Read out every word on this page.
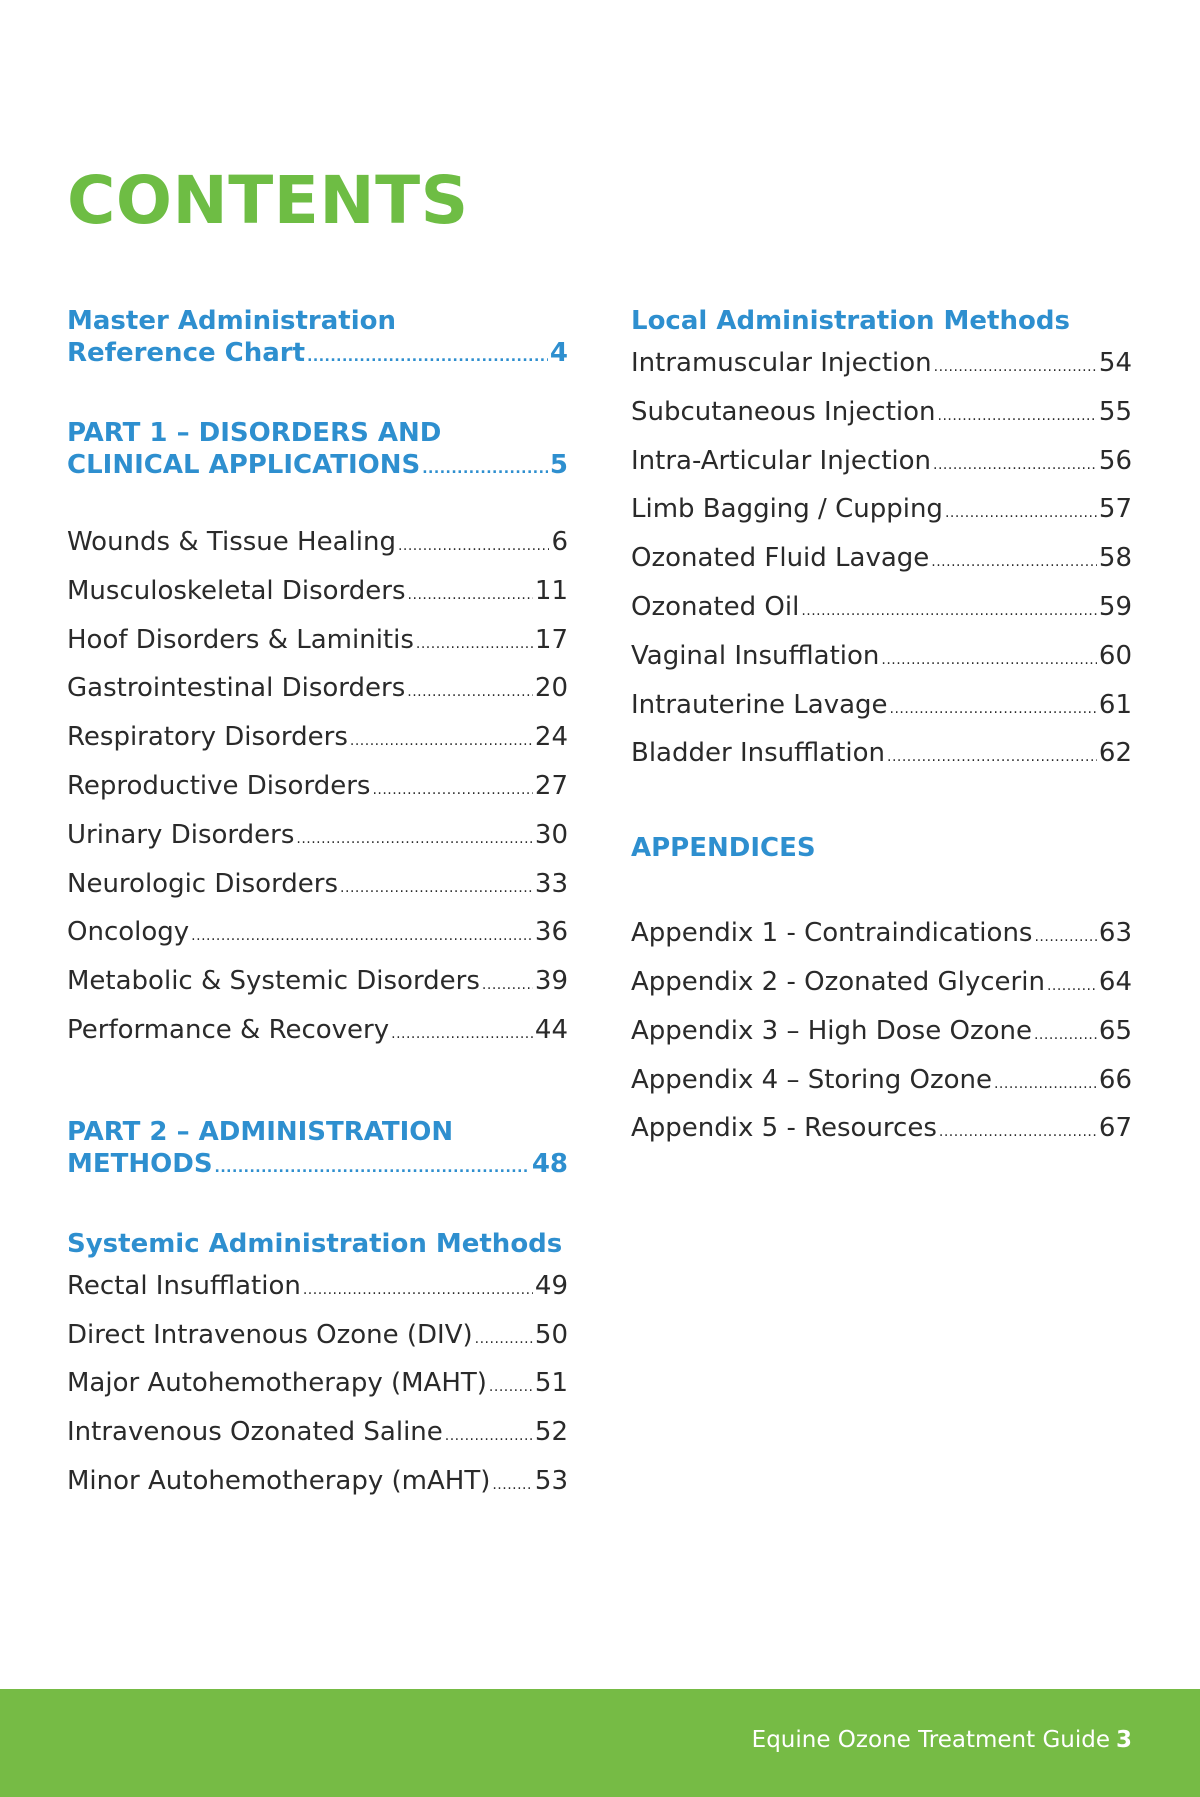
CONTENTS
Master Administration
Reference Chart .....	4
PART 1 – DISORDERS AND
CLINICAL APPLICATIONS .....	5
Wounds & Tissue Healing .....	6
Musculoskeletal Disorders .....	11
Hoof Disorders & Laminitis .....	17
Gastrointestinal Disorders .....	20
Respiratory Disorders .....	24
Reproductive Disorders .....	27
Urinary Disorders .....	30
Neurologic Disorders .....	33
Oncology .....	36
Metabolic & Systemic Disorders ..... 39
Performance & Recovery .....	44
PART 2 – ADMINISTRATION
METHODS .....	48
Systemic Administration Methods
Rectal Insufflation .....	49
Direct Intravenous Ozone (DIV) ..... 50
Major Autohemotherapy (MAHT) ..... 51
Intravenous Ozonated Saline .....	52
Minor Autohemotherapy (mAHT) ..... 53
Local Administration Methods
Intramuscular Injection .....	54
Subcutaneous Injection .....	55
Intra-Articular Injection .....	56
Limb Bagging / Cupping .....	57
Ozonated Fluid Lavage .....	58
Ozonated Oil .....	59
Vaginal Insufflation .....	60
Intrauterine Lavage .....	61
Bladder Insufflation .....	62
APPENDICES
Appendix 1 - Contraindications .....	63
Appendix 2 - Ozonated Glycerin ..... 64
Appendix 3 – High Dose Ozone .....	65
Appendix 4 – Storing Ozone .....	66
Appendix 5 - Resources .....	67
Equine Ozone Treatment Guide 3
